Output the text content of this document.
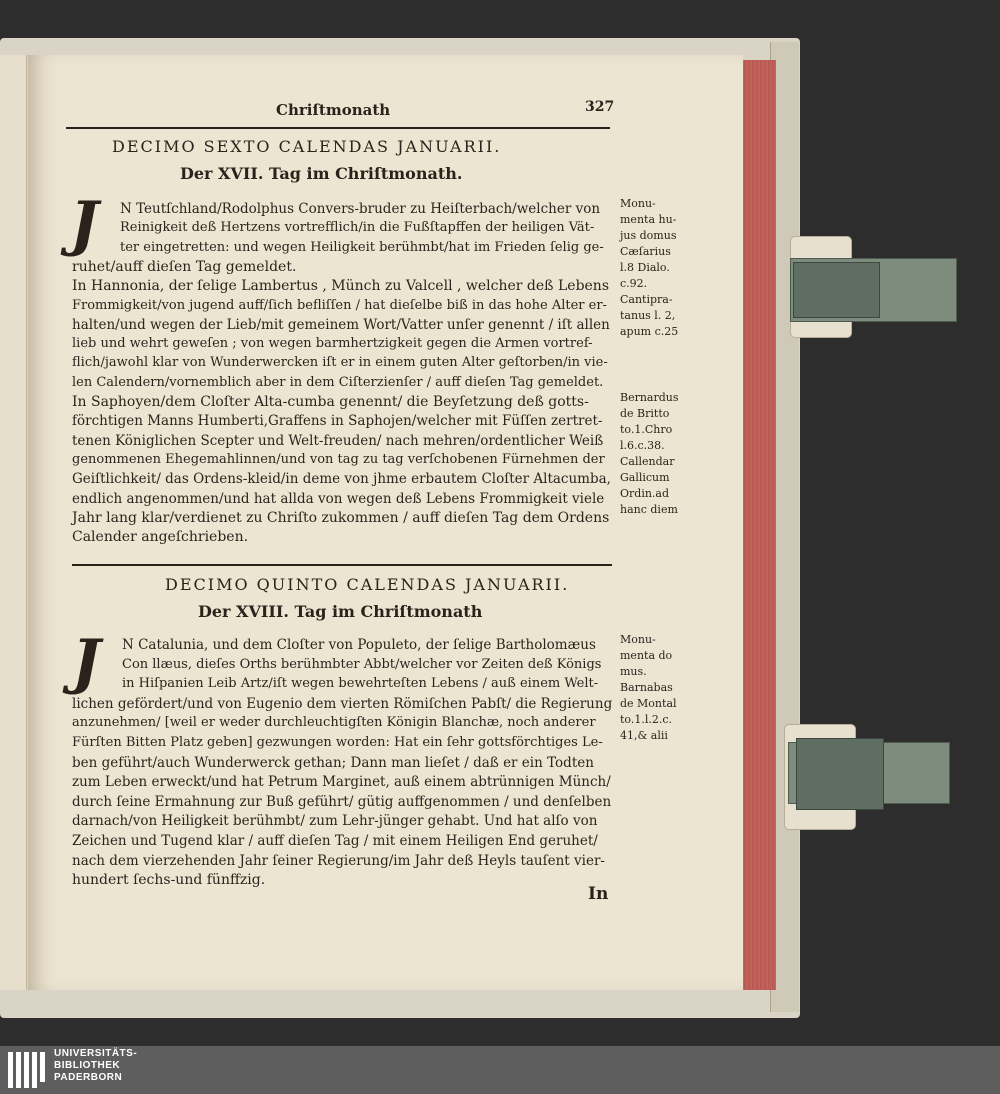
Chriſtmonath	327
DECIMO SEXTO CALENDAS JANUARII.
Der XVII. Tag im Chriſtmonath.
J N Teutſchland/Rodolphus Convers-bruder zu Heiſterbach/welcher von
Reinigkeit deß Hertzens vortrefflich/in die Fußſtapffen der heiligen Vät-
ter eingetretten: und wegen Heiligkeit berühmbt/hat im Frieden ſelig ge-
ruhet/auff dieſen Tag gemeldet.
In Hannonia, der ſelige Lambertus , Münch zu Valcell , welcher deß Lebens
Frommigkeit/von jugend auff/ſich befliſſen / hat dieſelbe biß in das hohe Alter er-
halten/und wegen der Lieb/mit gemeinem Wort/Vatter unſer genennt / iſt allen
lieb und wehrt geweſen ; von wegen barmhertzigkeit gegen die Armen vortref-
flich/jawohl klar von Wunderwercken iſt er in einem guten Alter geſtorben/in vie-
len Calendern/vornemblich aber in dem Ciſterzienſer / auff dieſen Tag gemeldet.
In Saphoyen/dem Cloſter Alta-cumba genennt/ die Beyſetzung deß gotts-
förchtigen Manns Humberti,Graffens in Saphojen/welcher mit Füſſen zertret-
tenen Königlichen Scepter und Welt-freuden/ nach mehren/ordentlicher Weiß
genommenen Ehegemahlinnen/und von tag zu tag verſchobenen Fürnehmen der
Geiſtlichkeit/ das Ordens-kleid/in deme von jhme erbautem Cloſter Altacumba,
endlich angenommen/und hat allda von wegen deß Lebens Frommigkeit viele
Jahr lang klar/verdienet zu Chriſto zukommen / auff dieſen Tag dem Ordens
Calender angeſchrieben.
Monu-
menta hu-
jus domus
Cæſarius
l.8 Dialo.
c.92.
Cantipra-
tanus l. 2,
apum c.25
Bernardus
de Britto
to.1.Chro
l.6.c.38.
Callendar
Gallicum
Ordin.ad
hanc diem
DECIMO QUINTO CALENDAS JANUARII.
Der XVIII. Tag im Chriſtmonath
J N Catalunia, und dem Cloſter von Populeto, der ſelige Bartholomæus
Con llæus, dieſes Orths berühmbter Abbt/welcher vor Zeiten deß Königs
in Hiſpanien Leib Artz/iſt wegen bewehrteſten Lebens / auß einem Welt-
lichen gefördert/und von Eugenio dem vierten Römiſchen Pabſt/ die Regierung
anzunehmen/ [weil er weder durchleuchtigſten Königin Blanchæ, noch anderer
Fürſten Bitten Platz geben] gezwungen worden: Hat ein ſehr gottsförchtiges Le-
ben geführt/auch Wunderwerck gethan; Dann man lieſet / daß er ein Todten
zum Leben erweckt/und hat Petrum Marginet, auß einem abtrünnigen Münch/
durch ſeine Ermahnung zur Buß geführt/ gütig auffgenommen / und denſelben
darnach/von Heiligkeit berühmbt/ zum Lehr-jünger gehabt. Und hat alſo von
Zeichen und Tugend klar / auff dieſen Tag / mit einem Heiligen End geruhet/
nach dem vierzehenden Jahr ſeiner Regierung/im Jahr deß Heyls tauſent vier-
hundert ſechs-und fünffzig.
Monu-
menta do
mus.
Barnabas
de Montal
to.1.l.2.c.
41,& alii
In
UNIVERSITÄTS-
BIBLIOTHEK
PADERBORN
